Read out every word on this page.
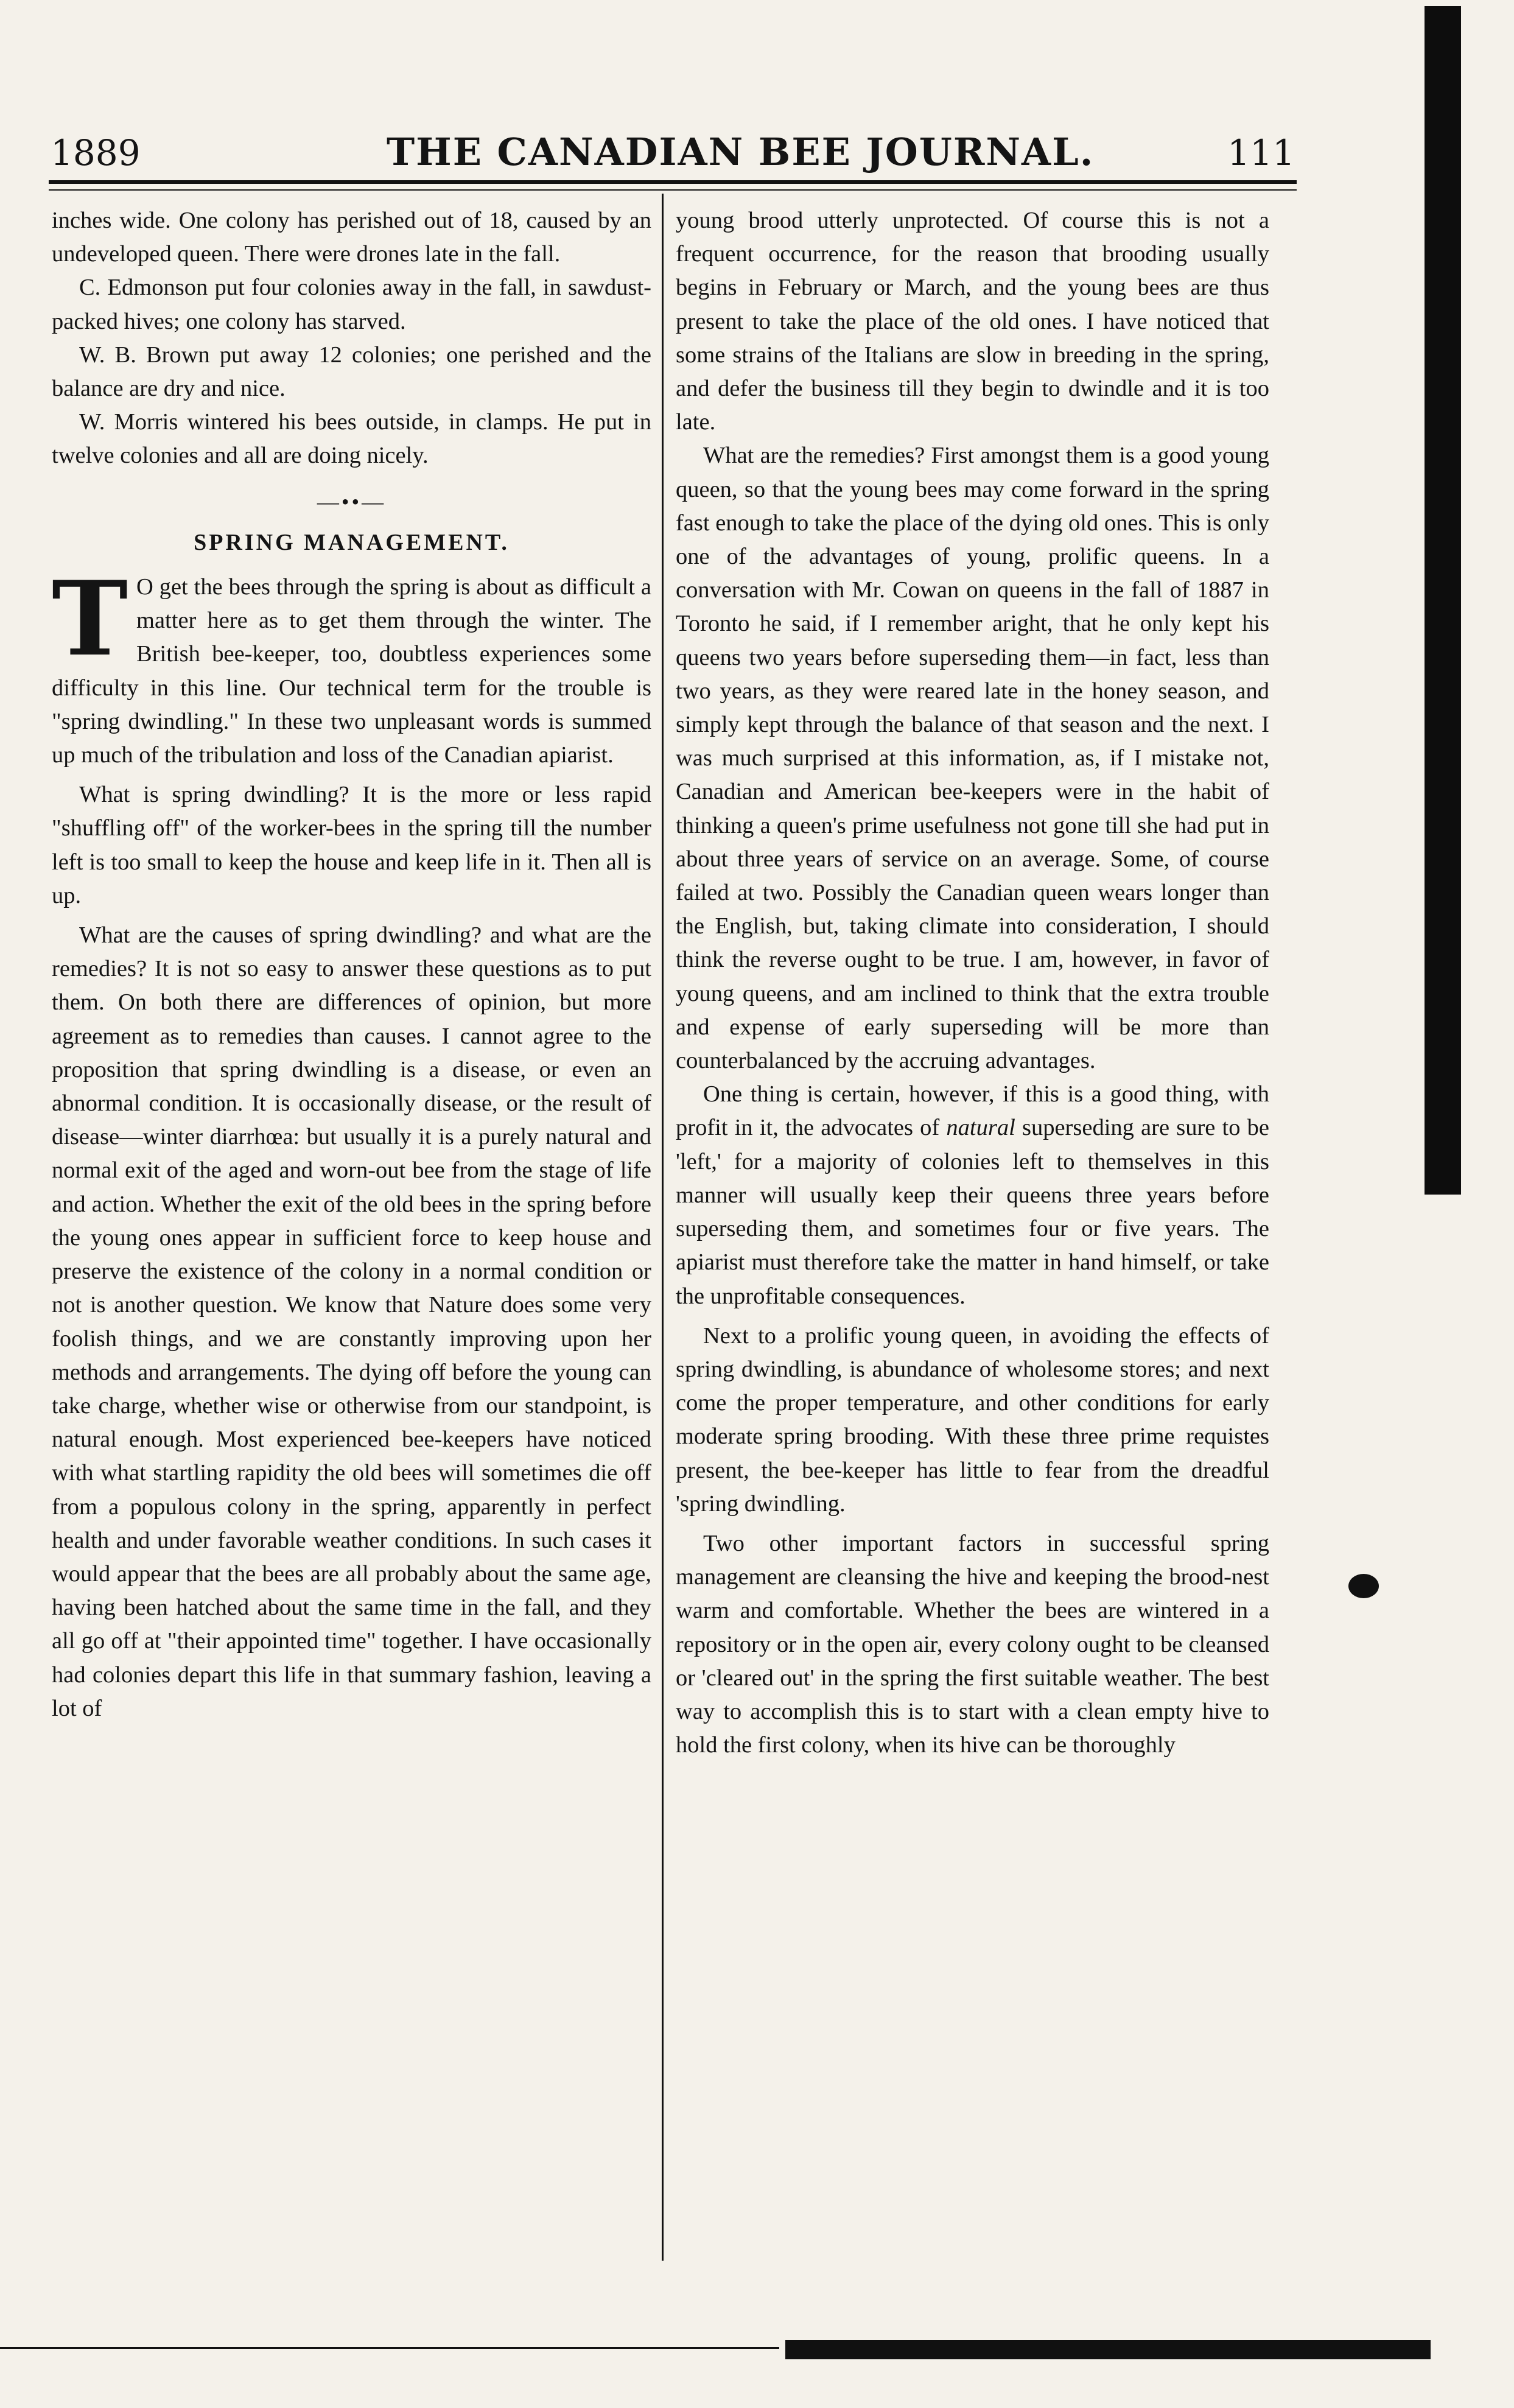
1889	THE CANADIAN BEE JOURNAL.	111

inches wide. One colony has perished out of 18, caused by an undeveloped queen. There were drones late in the fall.

C. Edmonson put four colonies away in the fall, in sawdust-packed hives; one colony has starved.

W. B. Brown put away 12 colonies; one perished and the balance are dry and nice.

W. Morris wintered his bees outside, in clamps. He put in twelve colonies and all are doing nicely.

—••—
SPRING MANAGEMENT.
T O get the bees through the spring is about as difficult a matter here as to get them through the winter. The British bee-keeper, too, doubtless experiences some difficulty in this line. Our technical term for the trouble is "spring dwindling." In these two unpleasant words is summed up much of the tribulation and loss of the Canadian apiarist.

What is spring dwindling? It is the more or less rapid "shuffling off" of the worker-bees in the spring till the number left is too small to keep the house and keep life in it. Then all is up.

What are the causes of spring dwindling? and what are the remedies? It is not so easy to answer these questions as to put them. On both there are differences of opinion, but more agreement as to remedies than causes. I cannot agree to the proposition that spring dwindling is a disease, or even an abnormal condition. It is occasionally disease, or the result of disease—winter diarrhœa: but usually it is a purely natural and normal exit of the aged and worn-out bee from the stage of life and action. Whether the exit of the old bees in the spring before the young ones appear in sufficient force to keep house and preserve the existence of the colony in a normal condition or not is another question. We know that Nature does some very foolish things, and we are constantly improving upon her methods and arrangements. The dying off before the young can take charge, whether wise or otherwise from our standpoint, is natural enough. Most experienced bee-keepers have noticed with what startling rapidity the old bees will sometimes die off from a populous colony in the spring, apparently in perfect health and under favorable weather conditions. In such cases it would appear that the bees are all probably about the same age, having been hatched about the same time in the fall, and they all go off at "their appointed time" together. I have occasionally had colonies depart this life in that summary fashion, leaving a lot of

young brood utterly unprotected. Of course this is not a frequent occurrence, for the reason that brooding usually begins in February or March, and the young bees are thus present to take the place of the old ones. I have noticed that some strains of the Italians are slow in breeding in the spring, and defer the business till they begin to dwindle and it is too late.

What are the remedies? First amongst them is a good young queen, so that the young bees may come forward in the spring fast enough to take the place of the dying old ones. This is only one of the advantages of young, prolific queens. In a conversation with Mr. Cowan on queens in the fall of 1887 in Toronto he said, if I remember aright, that he only kept his queens two years before superseding them—in fact, less than two years, as they were reared late in the honey season, and simply kept through the balance of that season and the next. I was much surprised at this information, as, if I mistake not, Canadian and American bee-keepers were in the habit of thinking a queen's prime usefulness not gone till she had put in about three years of service on an average. Some, of course failed at two. Possibly the Canadian queen wears longer than the English, but, taking climate into consideration, I should think the reverse ought to be true. I am, however, in favor of young queens, and am inclined to think that the extra trouble and expense of early superseding will be more than counterbalanced by the accruing advantages.

One thing is certain, however, if this is a good thing, with profit in it, the advocates of natural superseding are sure to be 'left,' for a majority of colonies left to themselves in this manner will usually keep their queens three years before superseding them, and sometimes four or five years. The apiarist must therefore take the matter in hand himself, or take the unprofitable consequences.

Next to a prolific young queen, in avoiding the effects of spring dwindling, is abundance of wholesome stores; and next come the proper temperature, and other conditions for early moderate spring brooding. With these three prime requistes present, the bee-keeper has little to fear from the dreadful 'spring dwindling.

Two other important factors in successful spring management are cleansing the hive and keeping the brood-nest warm and comfortable. Whether the bees are wintered in a repository or in the open air, every colony ought to be cleansed or 'cleared out' in the spring the first suitable weather. The best way to accomplish this is to start with a clean empty hive to hold the first colony, when its hive can be thoroughly
